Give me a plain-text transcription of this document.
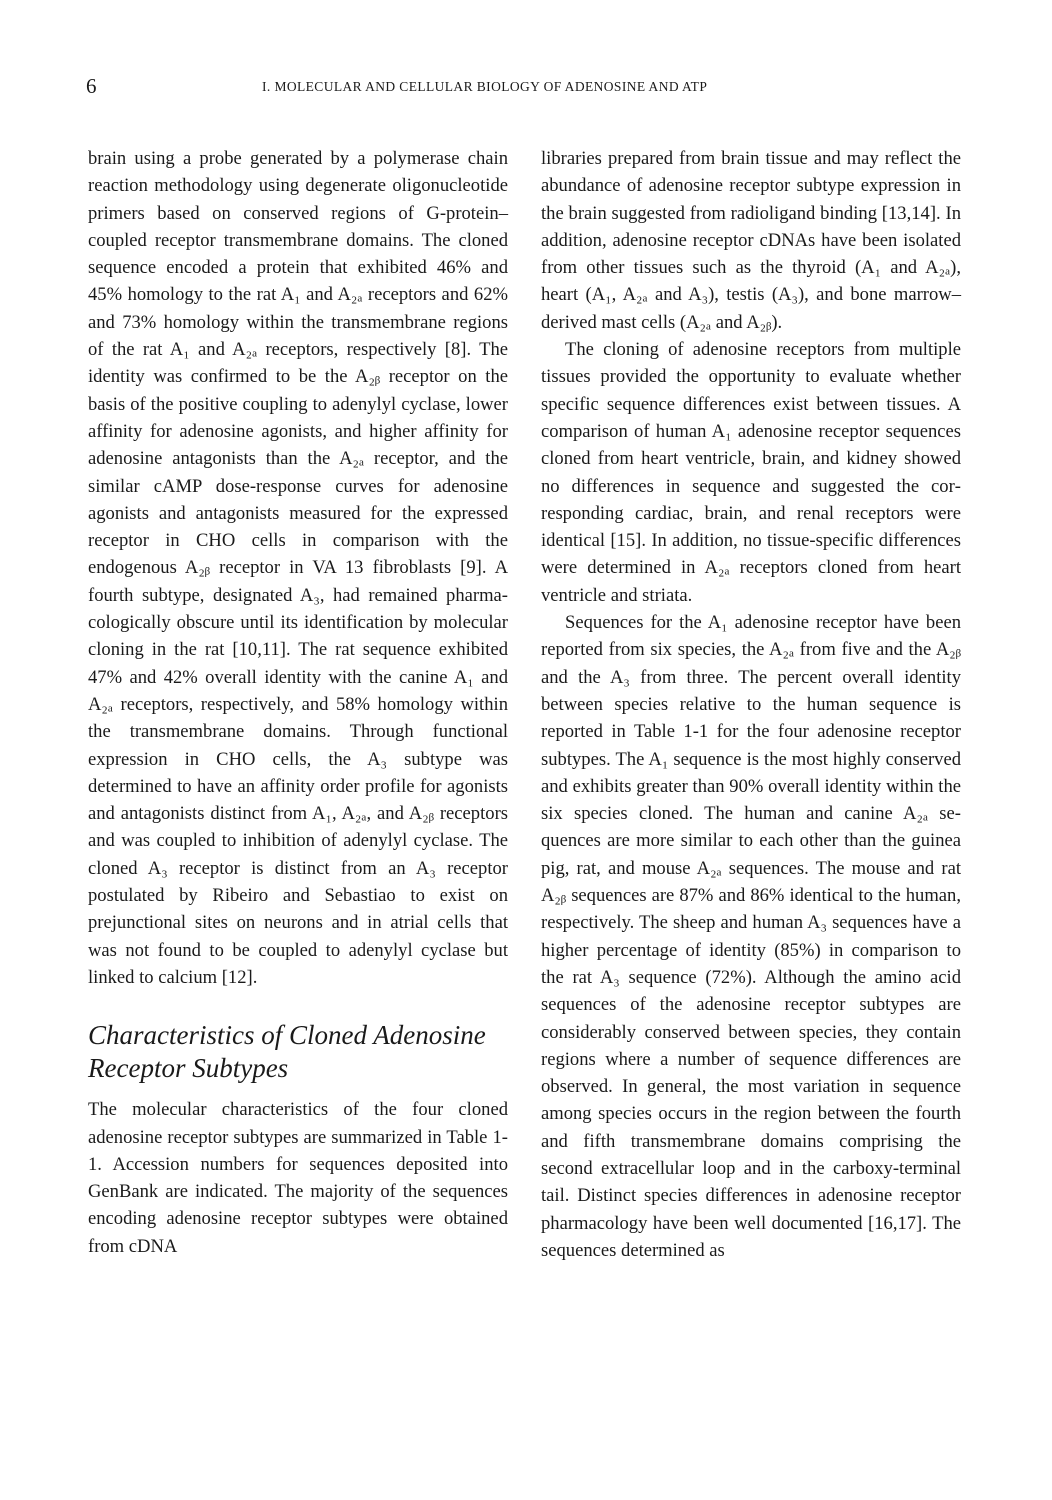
6	I. MOLECULAR AND CELLULAR BIOLOGY OF ADENOSINE AND ATP

brain using a probe generated by a polymerase chain reaction methodology using degenerate oligonucleotide primers based on conserved regions of G-protein–coupled receptor transmembrane domains. The cloned sequence encoded a protein that exhibited 46% and 45% homology to the rat A₁ and A₂ₐ receptors and 62% and 73% homology within the transmembrane regions of the rat A₁ and A₂ₐ receptors, respectively [8]. The identity was confirmed to be the A₂ᵦ receptor on the basis of the positive coupling to adenylyl cyclase, lower affinity for adenosine agonists, and higher affinity for adenosine antagonists than the A₂ₐ receptor, and the similar cAMP dose-response curves for adenosine agonists and antagonists measured for the expressed receptor in CHO cells in comparison with the endogenous A₂ᵦ receptor in VA 13 fibroblasts [9]. A fourth subtype, designated A₃, had remained pharmacologically obscure until its identification by molecular cloning in the rat [10,11]. The rat sequence exhibited 47% and 42% overall identity with the canine A₁ and A₂ₐ receptors, respectively, and 58% homology within the transmembrane domains. Through functional expression in CHO cells, the A₃ subtype was determined to have an affinity order profile for agonists and antagonists distinct from A₁, A₂ₐ, and A₂ᵦ receptors and was coupled to inhibition of adenylyl cyclase. The cloned A₃ receptor is distinct from an A₃ receptor postulated by Ribeiro and Sebastiao to exist on prejunctional sites on neurons and in atrial cells that was not found to be coupled to adenylyl cyclase but linked to calcium [12].

Characteristics of Cloned Adenosine
Receptor Subtypes

The molecular characteristics of the four cloned adenosine receptor subtypes are summarized in Table 1-1. Accession numbers for sequences deposited into GenBank are indicated. The majority of the sequences encoding adenosine receptor subtypes were obtained from cDNA

libraries prepared from brain tissue and may reflect the abundance of adenosine receptor subtype expression in the brain suggested from radioligand binding [13,14]. In addition, adenosine receptor cDNAs have been isolated from other tissues such as the thyroid (A₁ and A₂ₐ), heart (A₁, A₂ₐ and A₃), testis (A₃), and bone marrow–derived mast cells (A₂ₐ and A₂ᵦ).

The cloning of adenosine receptors from multiple tissues provided the opportunity to evaluate whether specific sequence differences exist between tissues. A comparison of human A₁ adenosine receptor sequences cloned from heart ventricle, brain, and kidney showed no differences in sequence and suggested the corresponding cardiac, brain, and renal receptors were identical [15]. In addition, no tissue-specific differences were determined in A₂ₐ receptors cloned from heart ventricle and striata.

Sequences for the A₁ adenosine receptor have been reported from six species, the A₂ₐ from five and the A₂ᵦ and the A₃ from three. The percent overall identity between species relative to the human sequence is reported in Table 1-1 for the four adenosine receptor subtypes. The A₁ sequence is the most highly conserved and exhibits greater than 90% overall identity within the six species cloned. The human and canine A₂ₐ sequences are more similar to each other than the guinea pig, rat, and mouse A₂ₐ sequences. The mouse and rat A₂ᵦ sequences are 87% and 86% identical to the human, respectively. The sheep and human A₃ sequences have a higher percentage of identity (85%) in comparison to the rat A₃ sequence (72%). Although the amino acid sequences of the adenosine receptor subtypes are considerably conserved between species, they contain regions where a number of sequence differences are observed. In general, the most variation in sequence among species occurs in the region between the fourth and fifth transmembrane domains comprising the second extracellular loop and in the carboxy-terminal tail. Distinct species differences in adenosine receptor pharmacology have been well documented [16,17]. The sequences determined as
